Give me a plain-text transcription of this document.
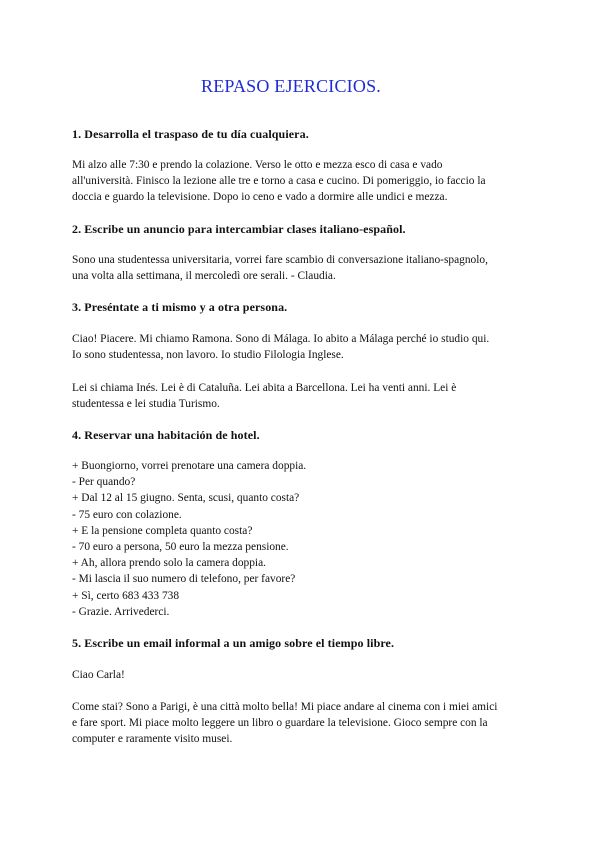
REPASO EJERCICIOS.
1. Desarrolla el traspaso de tu día cualquiera.
Mi alzo alle 7:30 e prendo la colazione. Verso le otto e mezza esco di casa e vado
all'università. Finisco la lezione alle tre e torno a casa e cucino. Di pomeriggio, io faccio la
doccia e guardo la televisione. Dopo io ceno e vado a dormire alle undici e mezza.
2. Escribe un anuncio para intercambiar clases italiano-español.
Sono una studentessa universitaria, vorrei fare scambio di conversazione italiano-spagnolo,
una volta alla settimana, il mercoledì ore serali. - Claudia.
3. Preséntate a ti mismo y a otra persona.
Ciao! Piacere. Mi chiamo Ramona. Sono di Málaga. Io abito a Málaga perché io studio qui.
Io sono studentessa, non lavoro. Io studio Filologia Inglese.
Lei si chiama Inés. Lei è di Cataluña. Lei abita a Barcellona. Lei ha venti anni. Lei è
studentessa e lei studia Turismo.
4. Reservar una habitación de hotel.
+ Buongiorno, vorrei prenotare una camera doppia.
- Per quando?
+ Dal 12 al 15 giugno. Senta, scusi, quanto costa?
- 75 euro con colazione.
+ E la pensione completa quanto costa?
- 70 euro a persona, 50 euro la mezza pensione.
+ Ah, allora prendo solo la camera doppia.
- Mi lascia il suo numero di telefono, per favore?
+ Sì, certo 683 433 738
- Grazie. Arrivederci.
5. Escribe un email informal a un amigo sobre el tiempo libre.
Ciao Carla!
Come stai? Sono a Parigi, è una città molto bella! Mi piace andare al cinema con i miei amici
e fare sport. Mi piace molto leggere un libro o guardare la televisione. Gioco sempre con la
computer e raramente visito musei.
